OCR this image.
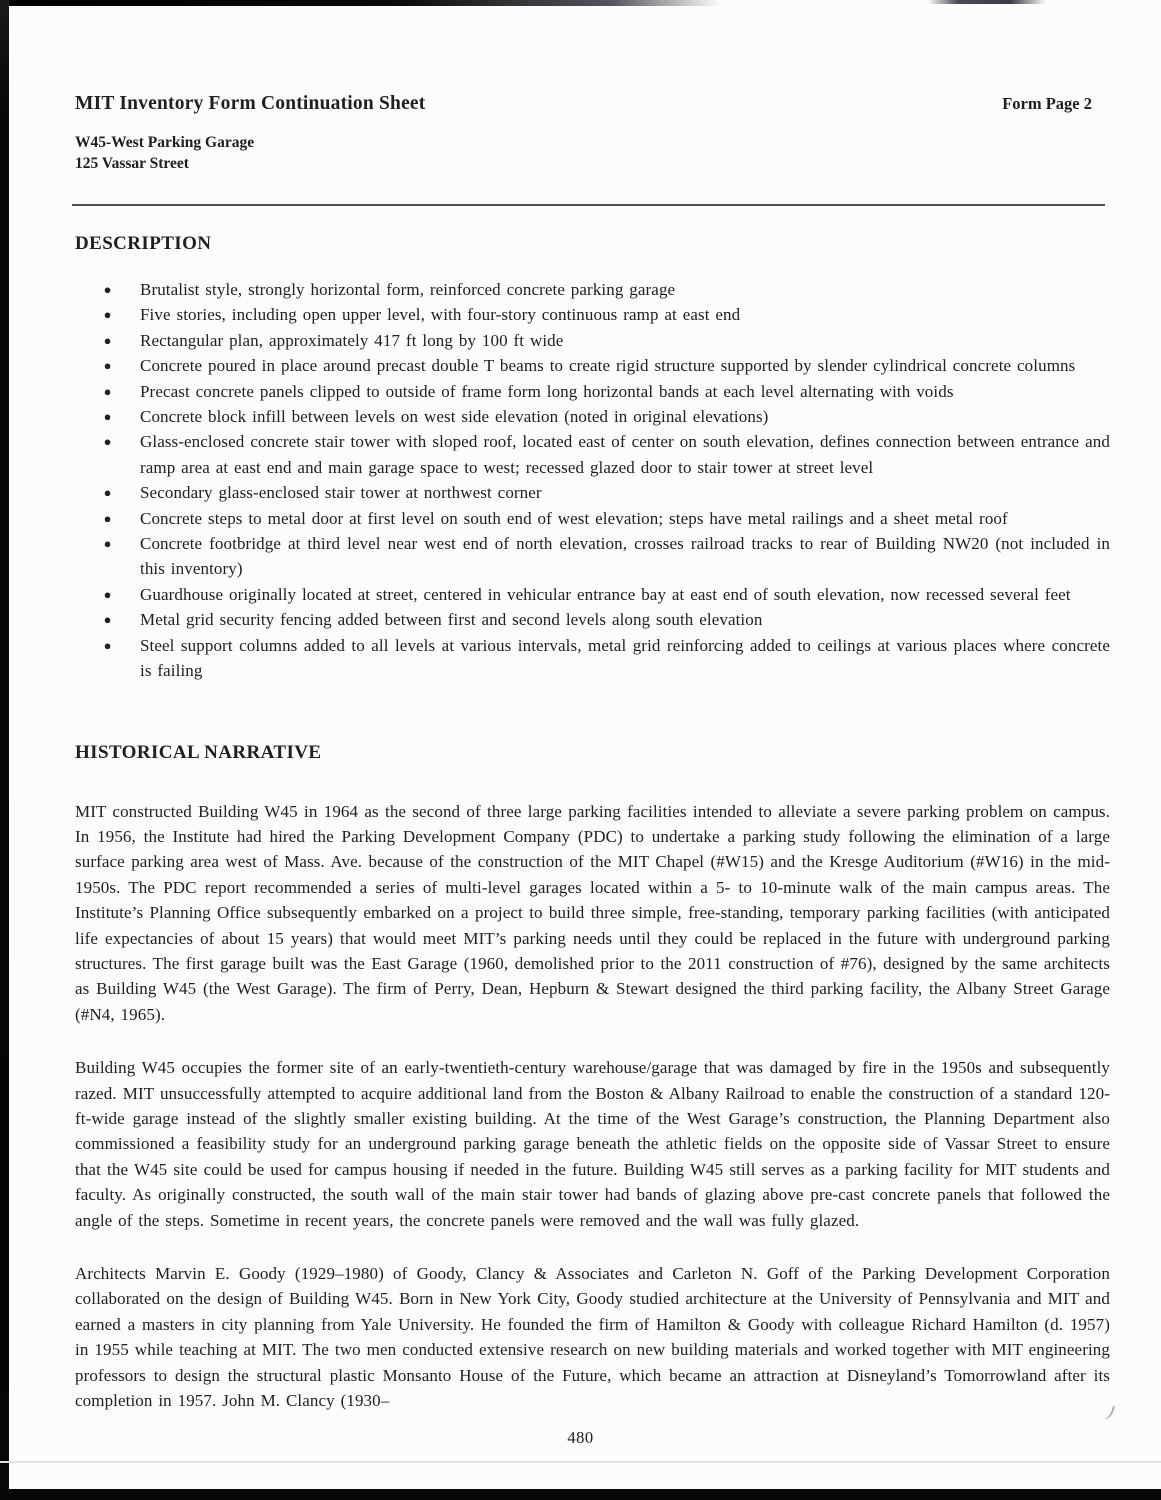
MIT Inventory Form Continuation Sheet	Form Page 2
W45-West Parking Garage
125 Vassar Street
DESCRIPTION
●	Brutalist style, strongly horizontal form, reinforced concrete parking garage
●	Five stories, including open upper level, with four-story continuous ramp at east end
●	Rectangular plan, approximately 417 ft long by 100 ft wide
●	Concrete poured in place around precast double T beams to create rigid structure supported by slender cylindrical concrete columns
●	Precast concrete panels clipped to outside of frame form long horizontal bands at each level alternating with voids
●	Concrete block infill between levels on west side elevation (noted in original elevations)
●	Glass-enclosed concrete stair tower with sloped roof, located east of center on south elevation, defines connection between entrance and ramp area at east end and main garage space to west; recessed glazed door to stair tower at street level
●	Secondary glass-enclosed stair tower at northwest corner
●	Concrete steps to metal door at first level on south end of west elevation; steps have metal railings and a sheet metal roof
●	Concrete footbridge at third level near west end of north elevation, crosses railroad tracks to rear of Building NW20 (not included in this inventory)
●	Guardhouse originally located at street, centered in vehicular entrance bay at east end of south elevation, now recessed several feet
●	Metal grid security fencing added between first and second levels along south elevation
●	Steel support columns added to all levels at various intervals, metal grid reinforcing added to ceilings at various places where concrete is failing
HISTORICAL NARRATIVE

MIT constructed Building W45 in 1964 as the second of three large parking facilities intended to alleviate a severe parking problem on campus. In 1956, the Institute had hired the Parking Development Company (PDC) to undertake a parking study following the elimination of a large surface parking area west of Mass. Ave. because of the construction of the MIT Chapel (#W15) and the Kresge Auditorium (#W16) in the mid-1950s. The PDC report recommended a series of multi-level garages located within a 5- to 10-minute walk of the main campus areas. The Institute’s Planning Office subsequently embarked on a project to build three simple, free-standing, temporary parking facilities (with anticipated life expectancies of about 15 years) that would meet MIT’s parking needs until they could be replaced in the future with underground parking structures. The first garage built was the East Garage (1960, demolished prior to the 2011 construction of #76), designed by the same architects as Building W45 (the West Garage). The firm of Perry, Dean, Hepburn & Stewart designed the third parking facility, the Albany Street Garage (#N4, 1965).

Building W45 occupies the former site of an early-twentieth-century warehouse/garage that was damaged by fire in the 1950s and subsequently razed. MIT unsuccessfully attempted to acquire additional land from the Boston & Albany Railroad to enable the construction of a standard 120-ft-wide garage instead of the slightly smaller existing building. At the time of the West Garage’s construction, the Planning Department also commissioned a feasibility study for an underground parking garage beneath the athletic fields on the opposite side of Vassar Street to ensure that the W45 site could be used for campus housing if needed in the future. Building W45 still serves as a parking facility for MIT students and faculty. As originally constructed, the south wall of the main stair tower had bands of glazing above pre-cast concrete panels that followed the angle of the steps. Sometime in recent years, the concrete panels were removed and the wall was fully glazed.

Architects Marvin E. Goody (1929–1980) of Goody, Clancy & Associates and Carleton N. Goff of the Parking Development Corporation collaborated on the design of Building W45. Born in New York City, Goody studied architecture at the University of Pennsylvania and MIT and earned a masters in city planning from Yale University. He founded the firm of Hamilton & Goody with colleague Richard Hamilton (d. 1957) in 1955 while teaching at MIT. The two men conducted extensive research on new building materials and worked together with MIT engineering professors to design the structural plastic Monsanto House of the Future, which became an attraction at Disneyland’s Tomorrowland after its completion in 1957. John M. Clancy (1930–

480
